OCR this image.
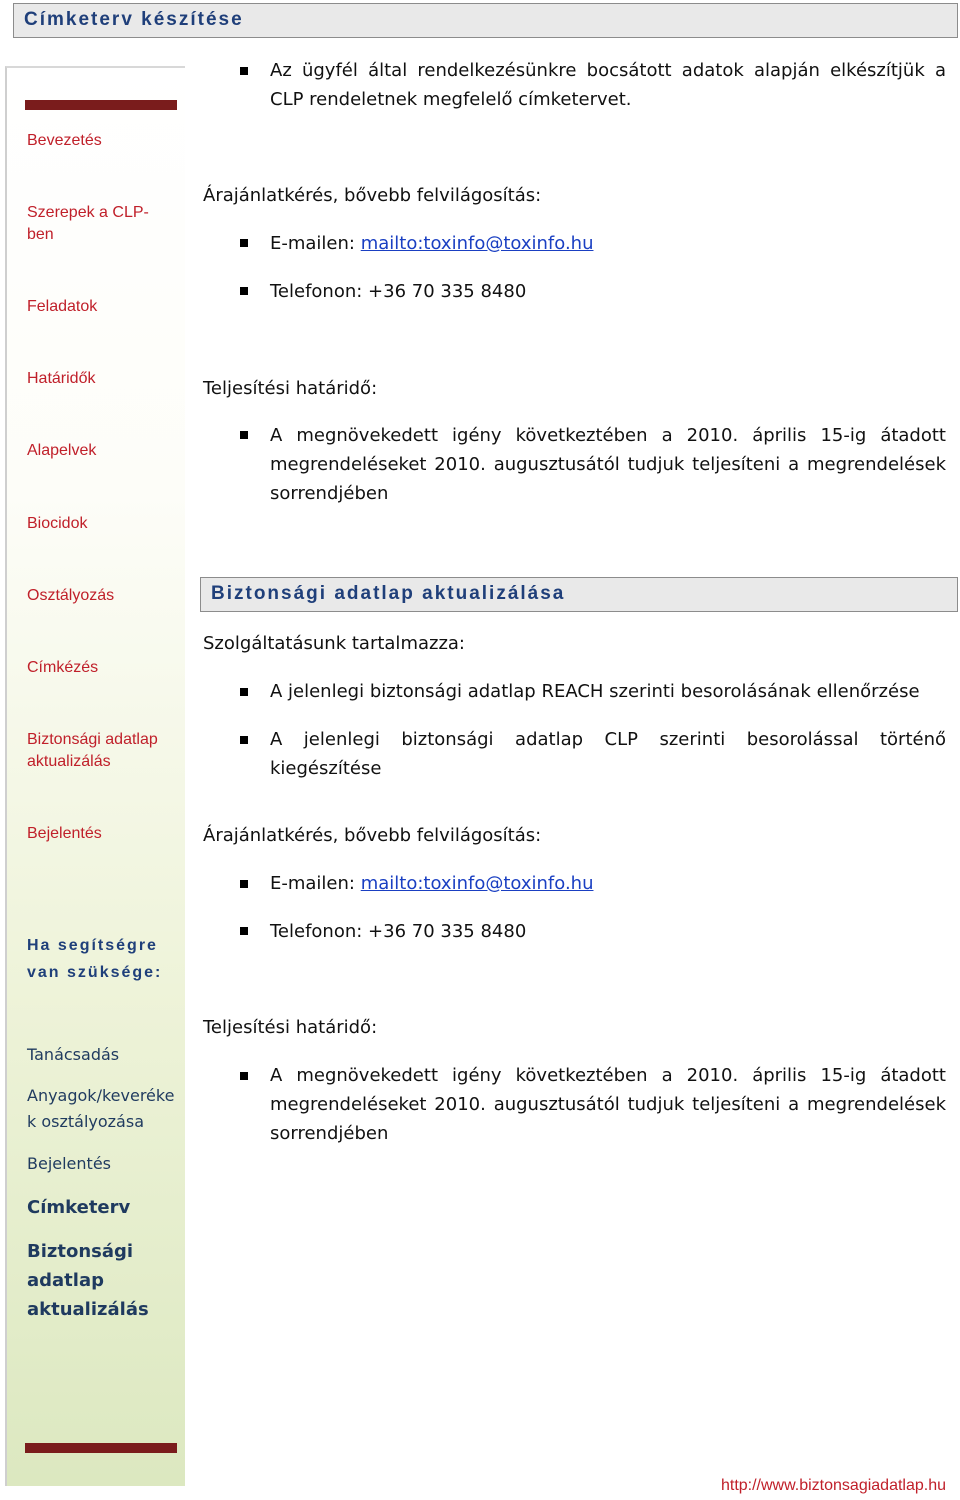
Címketerv készítése
Bevezetés
Szerepek a CLP-
ben
Feladatok
Határidők
Alapelvek
Biocidok
Osztályozás
Címkézés
Biztonsági adatlap
aktualizálás
Bejelentés
Ha segítségre
van szüksége:
Tanácsadás
Anyagok/keveréke
k osztályozása
Bejelentés
Címketerv
Biztonsági
adatlap
aktualizálás
Az ügyfél által rendelkezésünkre bocsátott adatok alapján elkészítjük a CLP rendeletnek megfelelő címketervet.
Árajánlatkérés, bővebb felvilágosítás:
E-mailen: mailto:toxinfo@toxinfo.hu
Telefonon: +36 70 335 8480
Teljesítési határidő:
A megnövekedett igény következtében a 2010. április 15-ig átadott megrendeléseket 2010. augusztusától tudjuk teljesíteni a megrendelések sorrendjében
Biztonsági adatlap aktualizálása
Szolgáltatásunk tartalmazza:
A jelenlegi biztonsági adatlap REACH szerinti besorolásának ellenőrzése
A jelenlegi biztonsági adatlap CLP szerinti besorolással történő kiegészítése
Árajánlatkérés, bővebb felvilágosítás:
E-mailen: mailto:toxinfo@toxinfo.hu
Telefonon: +36 70 335 8480
Teljesítési határidő:
A megnövekedett igény következtében a 2010. április 15-ig átadott megrendeléseket 2010. augusztusától tudjuk teljesíteni a megrendelések sorrendjében
http://www.biztonsagiadatlap.hu
